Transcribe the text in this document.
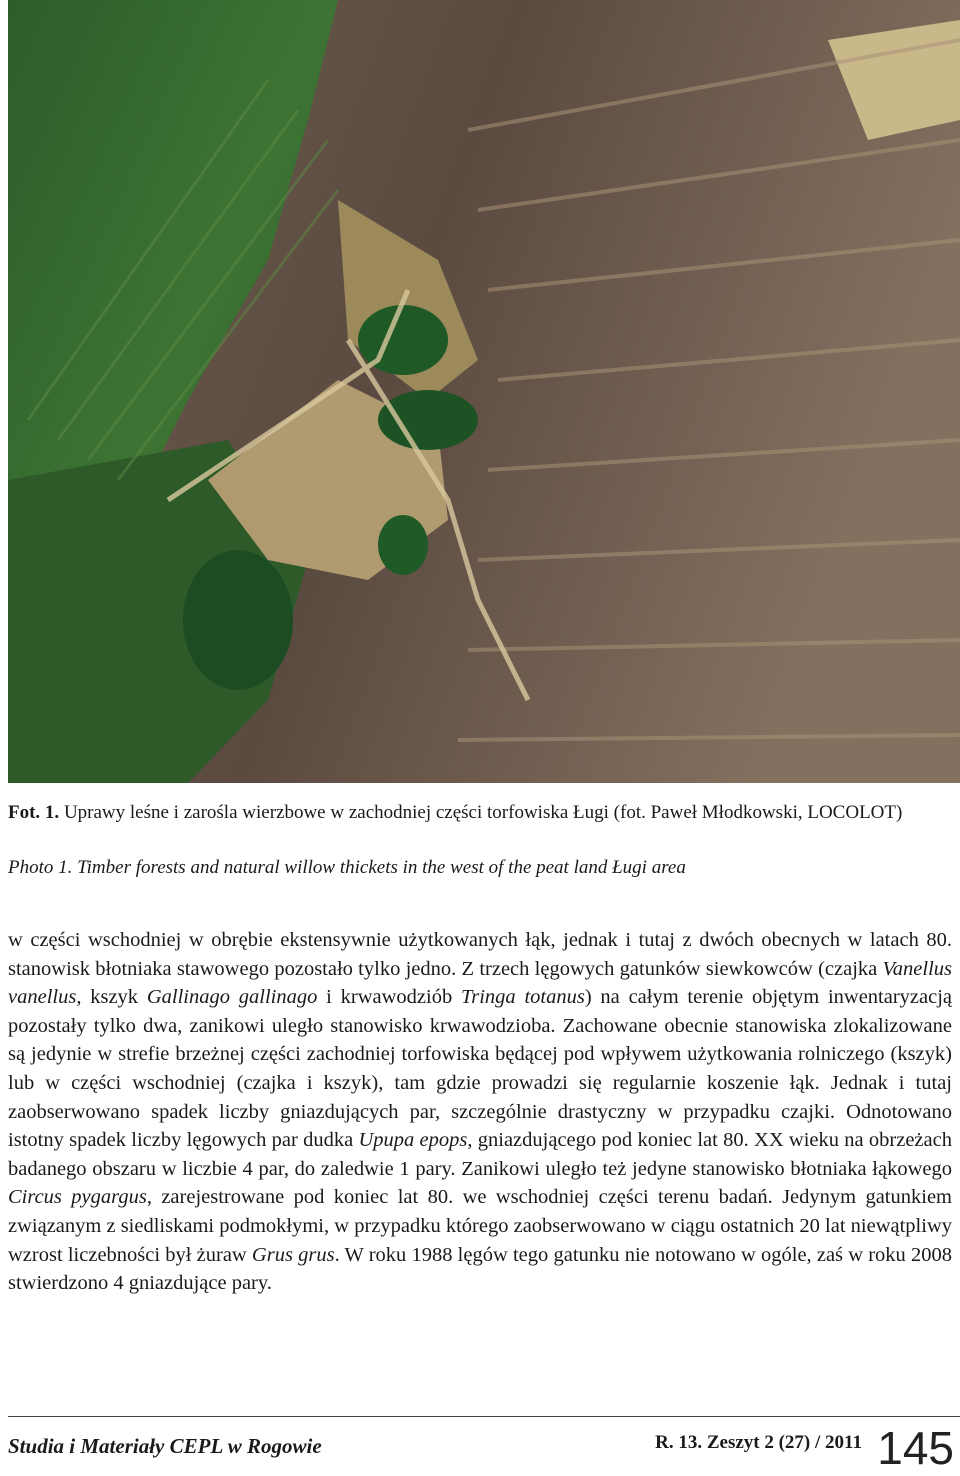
Fot. 1. Uprawy leśne i zarośla wierzbowe w zachodniej części torfowiska Ługi (fot. Paweł Młodkowski, LOCOLOT)
Photo 1. Timber forests and natural willow thickets in the west of the peat land Ługi area

w części wschodniej w obrębie ekstensywnie użytkowanych łąk, jednak i tutaj z dwóch obecnych w latach 80. stanowisk błotniaka stawowego pozostało tylko jedno. Z trzech lęgowych gatunków siewkowców (czajka Vanellus vanellus, kszyk Gallinago gallinago i krwawodziób Tringa totanus) na całym terenie objętym inwentaryzacją pozostały tylko dwa, zanikowi uległo stanowisko krwawodzioba. Zachowane obecnie stanowiska zlokalizowane są jedynie w strefie brzeżnej części zachodniej torfowiska będącej pod wpływem użytkowania rolniczego (kszyk) lub w części wschodniej (czajka i kszyk), tam gdzie prowadzi się regularnie koszenie łąk. Jednak i tutaj zaobserwowano spadek liczby gniazdujących par, szczególnie drastyczny w przypadku czajki. Odnotowano istotny spadek liczby lęgowych par dudka Upupa epops, gniazdującego pod koniec lat 80. XX wieku na obrzeżach badanego obszaru w liczbie 4 par, do zaledwie 1 pary. Zanikowi uległo też jedyne stanowisko błotniaka łąkowego Circus pygargus, zarejestrowane pod koniec lat 80. we wschodniej części terenu badań. Jedynym gatunkiem związanym z siedliskami podmokłymi, w przypadku którego zaobserwowano w ciągu ostatnich 20 lat niewątpliwy wzrost liczebności był żuraw Grus grus. W roku 1988 lęgów tego gatunku nie notowano w ogóle, zaś w roku 2008 stwierdzono 4 gniazdujące pary.

Studia i Materiały CEPL w Rogowie	R. 13. Zeszyt 2 (27) / 2011 145
